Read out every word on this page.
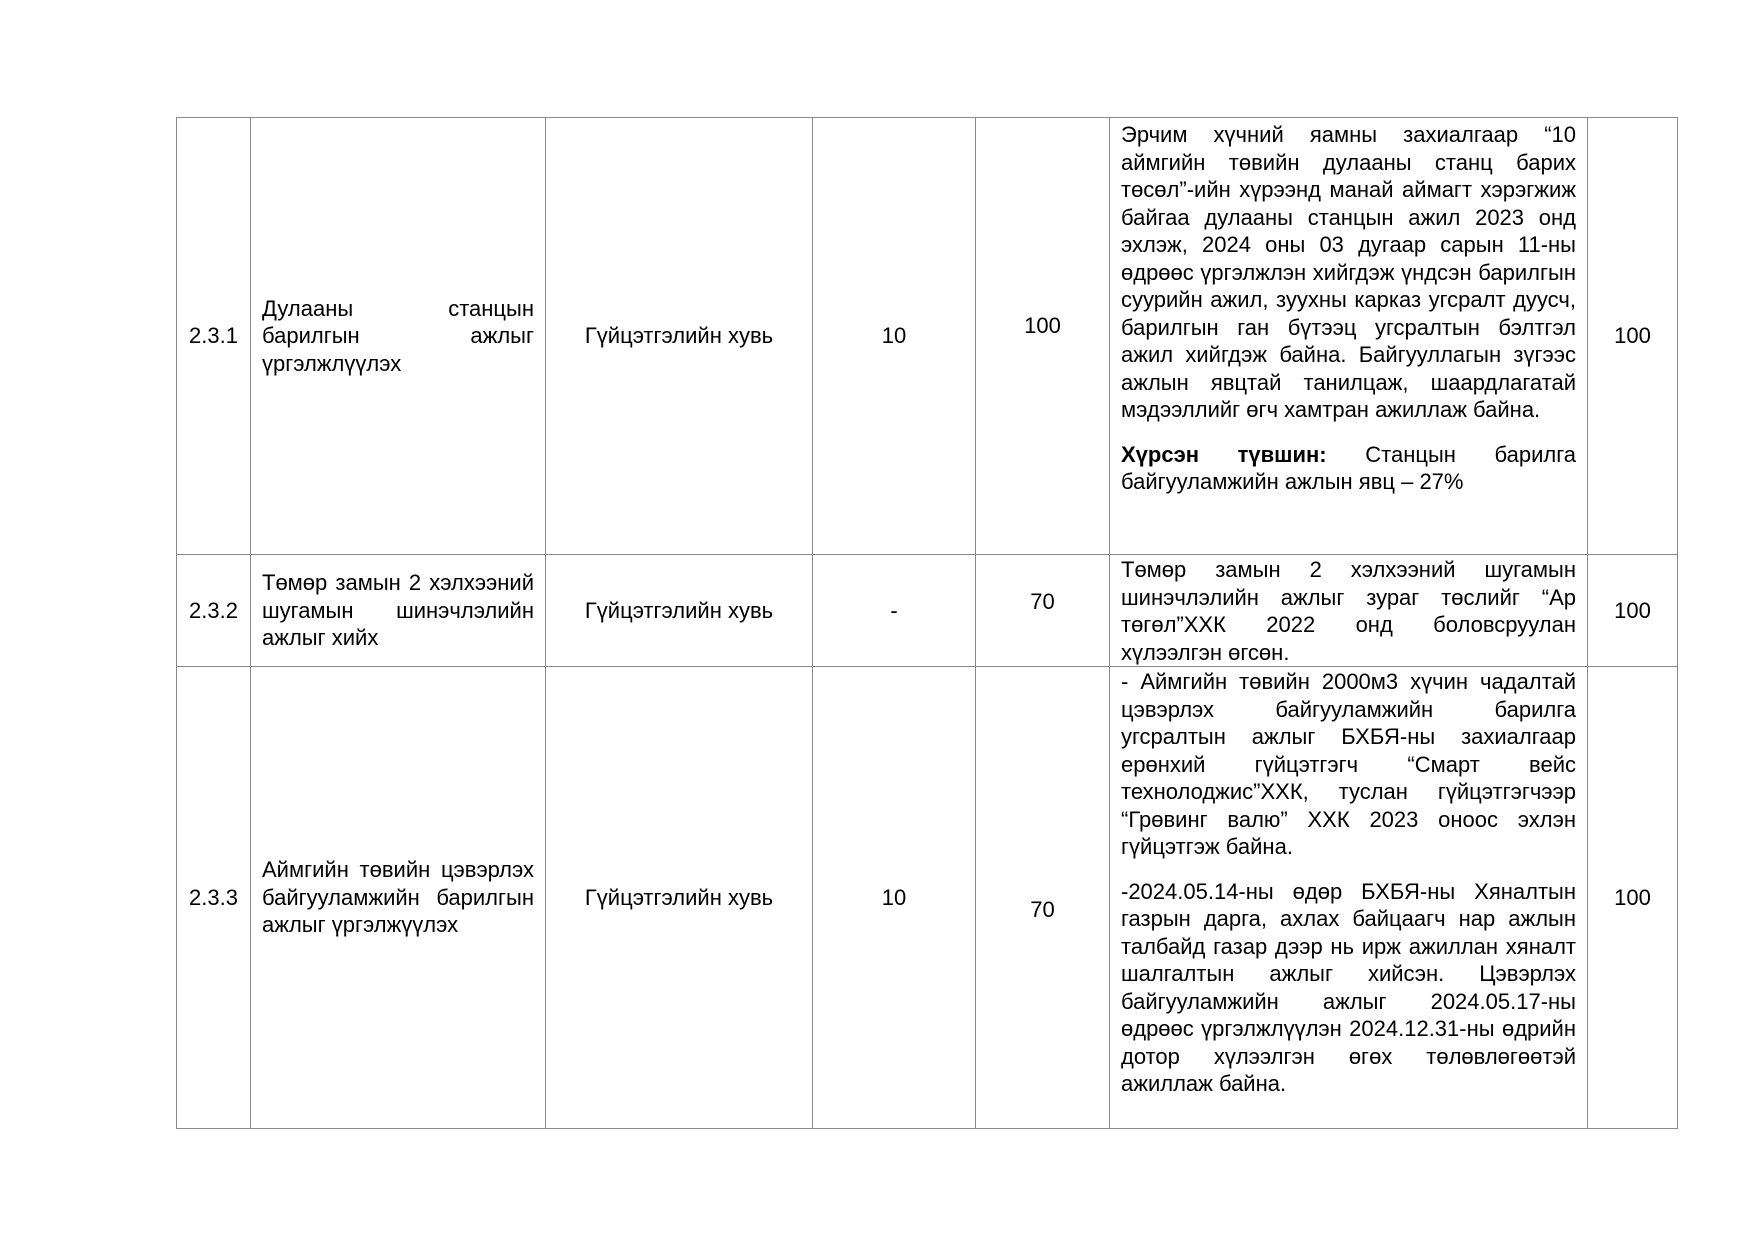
2.3.1	Дулааны станцын барилгын ажлыг үргэлжлүүлэх	Гүйцэтгэлийн хувь	10	100	Эрчим хүчний яамны захиалгаар “10 аймгийн төвийн дулааны станц барих төсөл”-ийн хүрээнд манай аймагт хэрэгжиж байгаа дулааны станцын ажил 2023 онд эхлэж, 2024 оны 03 дугаар сарын 11-ны өдрөөс үргэлжлэн хийгдэж үндсэн барилгын суурийн ажил, зуухны карказ угсралт дуусч, барилгын ган бүтээц угсралтын бэлтгэл ажил хийгдэж байна. Байгууллагын зүгээс ажлын явцтай танилцаж, шаардлагатай мэдээллийг өгч хамтран ажиллаж байна.

Хүрсэн түвшин: Станцын барилга байгууламжийн ажлын явц – 27%	100
2.3.2	Төмөр замын 2 хэлхээний шугамын шинэчлэлийн ажлыг хийх	Гүйцэтгэлийн хувь	-	70	Төмөр замын 2 хэлхээний шугамын шинэчлэлийн ажлыг зураг төслийг “Ар төгөл”ХХК 2022 онд боловсруулан хүлээлгэн өгсөн.	100
2.3.3	Аймгийн төвийн цэвэрлэх байгууламжийн барилгын ажлыг үргэлжүүлэх	Гүйцэтгэлийн хувь	10	70	- Аймгийн төвийн 2000м3 хүчин чадалтай цэвэрлэх байгууламжийн барилга угсралтын ажлыг БХБЯ-ны захиалгаар ерөнхий гүйцэтгэгч “Смарт вейс технолоджис”ХХК, туслан гүйцэтгэгчээр “Грөвинг валю” ХХК 2023 оноос эхлэн гүйцэтгэж байна.

-2024.05.14-ны өдөр БХБЯ-ны Хяналтын газрын дарга, ахлах байцаагч нар ажлын талбайд газар дээр нь ирж ажиллан хяналт шалгалтын ажлыг хийсэн. Цэвэрлэх байгууламжийн ажлыг 2024.05.17-ны өдрөөс үргэлжлүүлэн 2024.12.31-ны өдрийн дотор хүлээлгэн өгөх төлөвлөгөөтэй ажиллаж байна.	100
